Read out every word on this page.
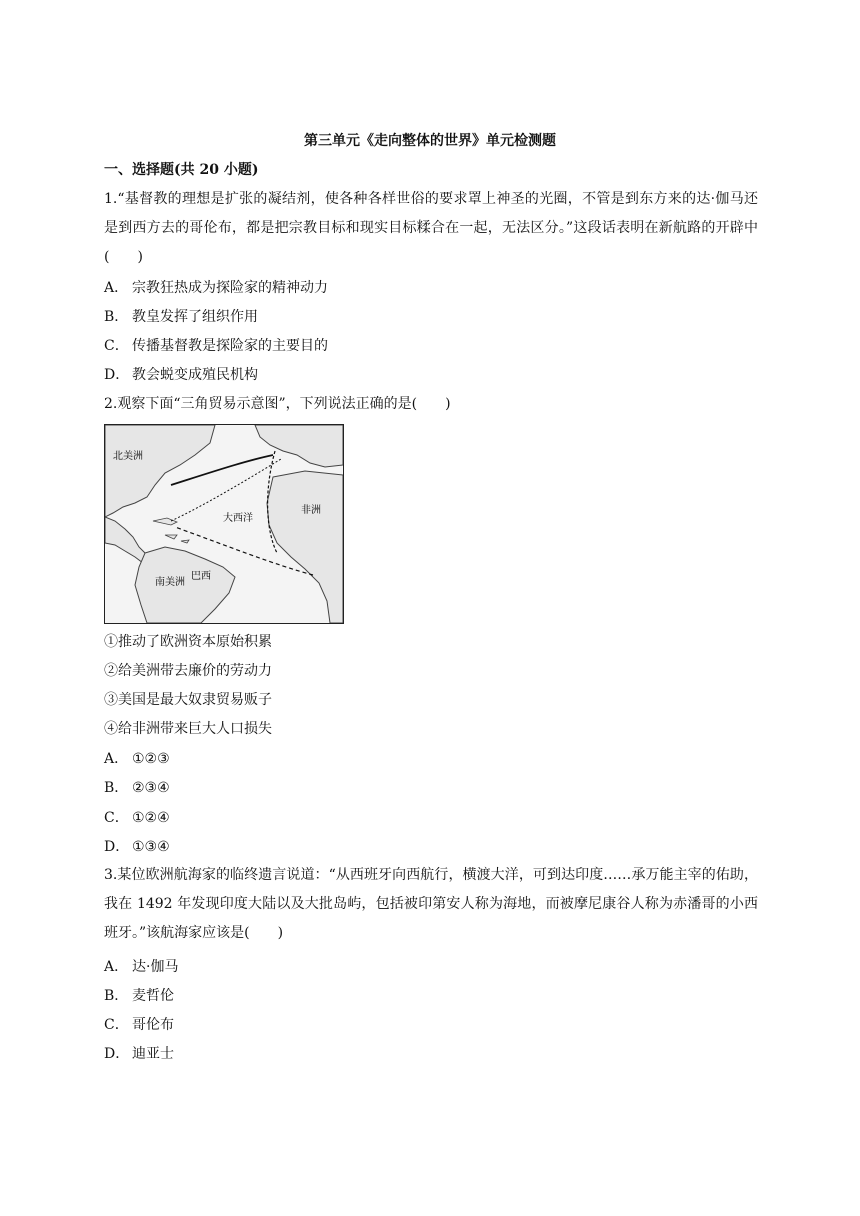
第三单元《走向整体的世界》单元检测题
一、选择题(共 20 小题)
1.“基督教的理想是扩张的凝结剂，使各种各样世俗的要求罩上神圣的光圈，不管是到东方来的达·伽马还是到西方去的哥伦布，都是把宗教目标和现实目标糅合在一起，无法区分。”这段话表明在新航路的开辟中(　　)
A． 宗教狂热成为探险家的精神动力
B． 教皇发挥了组织作用
C． 传播基督教是探险家的主要目的
D． 教会蜕变成殖民机构
2.观察下面“三角贸易示意图”，下列说法正确的是(　　)
北美洲
南美洲
巴西
非洲
大西洋
①推动了欧洲资本原始积累
②给美洲带去廉价的劳动力
③美国是最大奴隶贸易贩子
④给非洲带来巨大人口损失
A． ①②③
B． ②③④
C． ①②④
D． ①③④
3.某位欧洲航海家的临终遗言说道：“从西班牙向西航行，横渡大洋，可到达印度……承万能主宰的佑助，我在 1492 年发现印度大陆以及大批岛屿，包括被印第安人称为海地，而被摩尼康谷人称为赤潘哥的小西班牙。”该航海家应该是(　　)
A． 达·伽马
B． 麦哲伦
C． 哥伦布
D． 迪亚士
